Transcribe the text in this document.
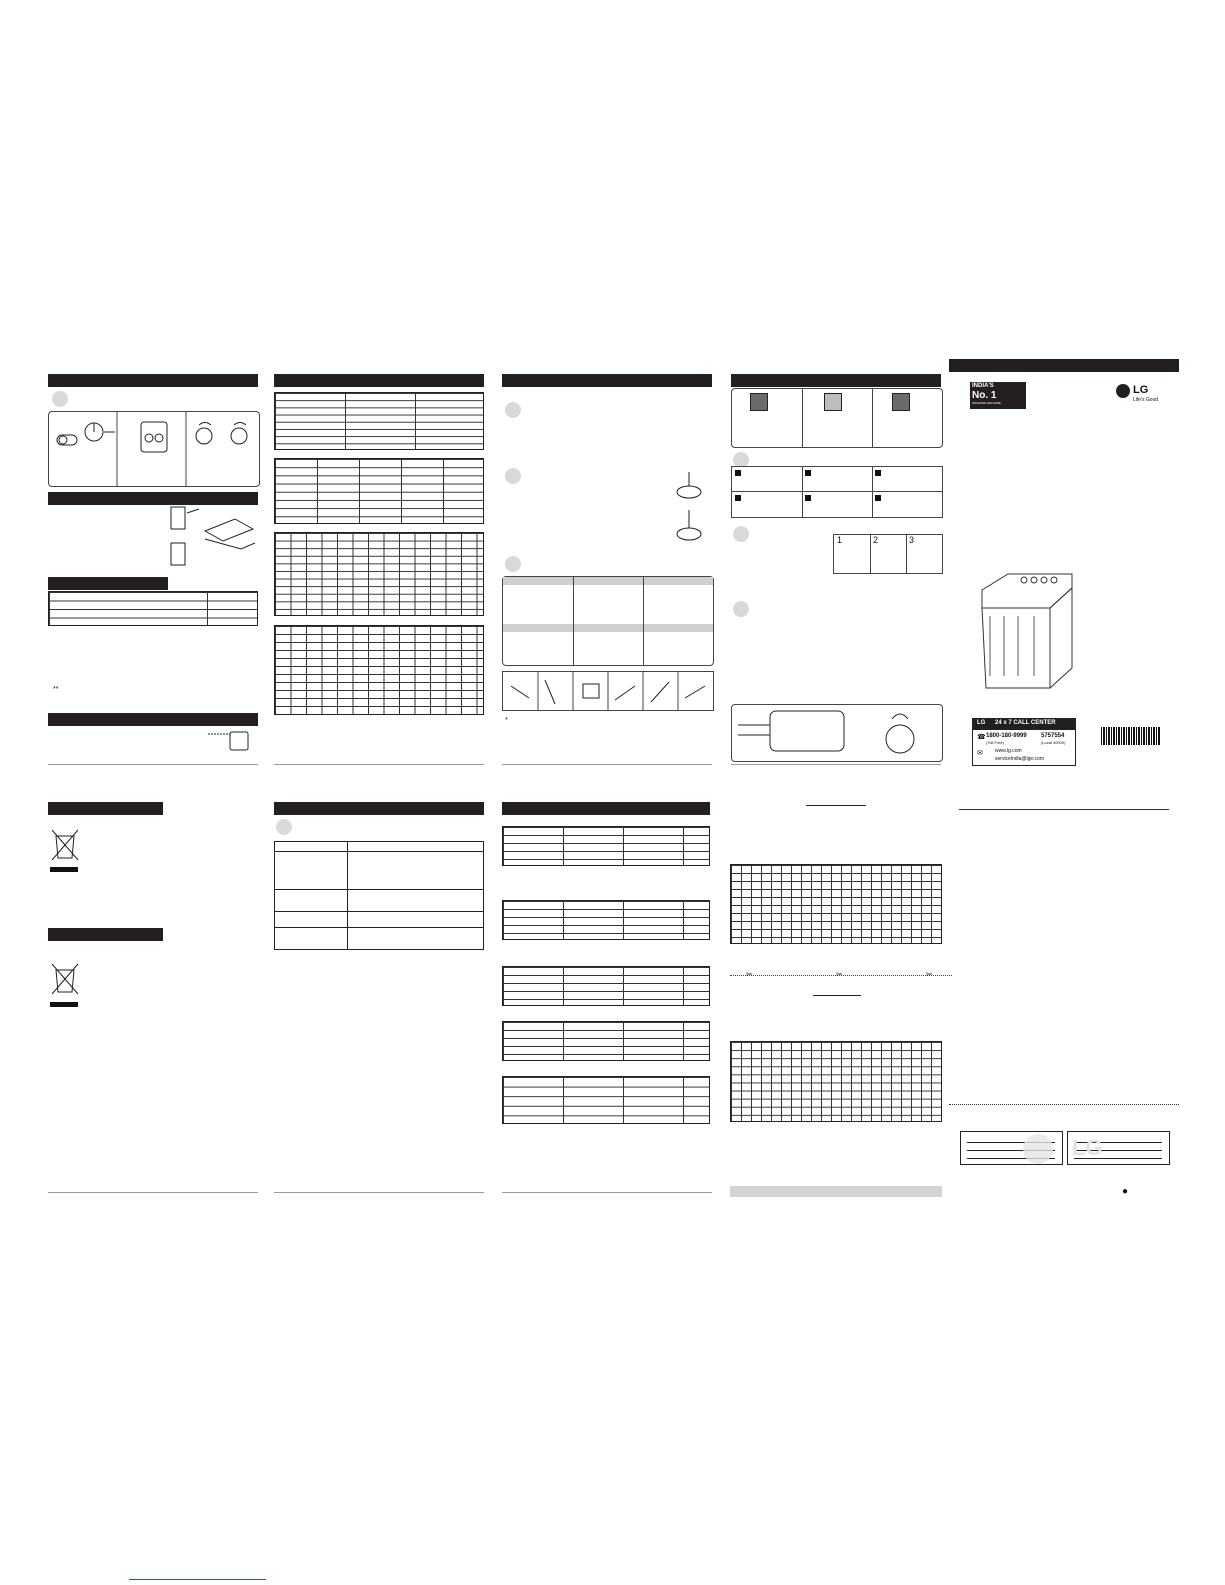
**
*
1	2	3
INDIA'S
No. 1
WASHING MACHINE
LG
Life's Good
LG 24 x 7 CALL CENTER
☎ 1800-180-9999
(Toll Free)
5757554
(Local 40000)
✉ www.lg.com
serviceindia@lge.com
✂	✂	✂
LG
●
